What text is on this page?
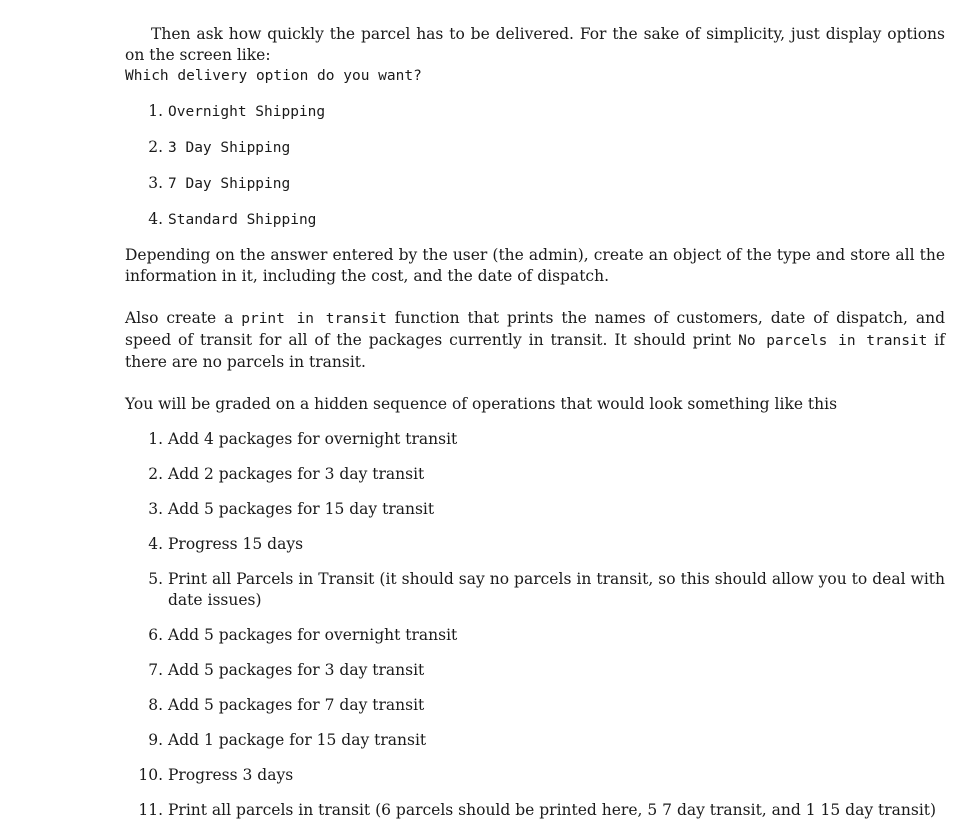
Then ask how quickly the parcel has to be delivered. For the sake of simplicity, just display options on the screen like:

Which delivery option do you want?
1. Overnight Shipping
2. 3 Day Shipping
3. 7 Day Shipping
4. Standard Shipping

Depending on the answer entered by the user (the admin), create an object of the type and store all the information in it, including the cost, and the date of dispatch.

Also create a print in transit function that prints the names of customers, date of dispatch, and speed of transit for all of the packages currently in transit. It should print No parcels in transit if there are no parcels in transit.

You will be graded on a hidden sequence of operations that would look something like this

1. Add 4 packages for overnight transit
2. Add 2 packages for 3 day transit
3. Add 5 packages for 15 day transit
4. Progress 15 days
5. Print all Parcels in Transit (it should say no parcels in transit, so this should allow you to deal with date issues)
6. Add 5 packages for overnight transit
7. Add 5 packages for 3 day transit
8. Add 5 packages for 7 day transit
9. Add 1 package for 15 day transit
10. Progress 3 days
11. Print all parcels in transit (6 parcels should be printed here, 5 7 day transit, and 1 15 day transit)
